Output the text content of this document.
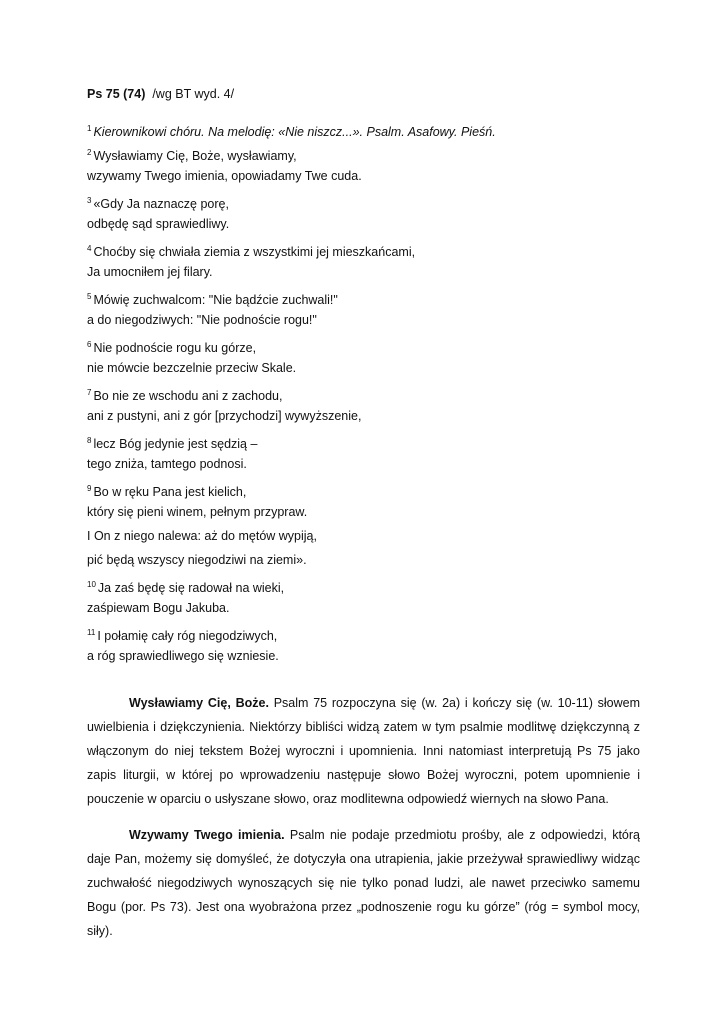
Ps 75 (74) /wg BT wyd. 4/
$^1$ Kierownikowi chóru. Na melodię: «Nie niszcz...». Psalm. Asafowy. Pieśń.
$^2$ Wysławiamy Cię, Boże, wysławiamy,
wzywamy Twego imienia, opowiadamy Twe cuda.
$^3$ «Gdy Ja naznaczę porę,
odbędę sąd sprawiedliwy.
$^4$ Choćby się chwiała ziemia z wszystkimi jej mieszkańcami,
Ja umocniłem jej filary.
$^5$ Mówię zuchwalcom: "Nie bądźcie zuchwali!"
a do niegodziwych: "Nie podnoście rogu!"
$^6$ Nie podnoście rogu ku górze,
nie mówcie bezczelnie przeciw Skale.
$^7$ Bo nie ze wschodu ani z zachodu,
ani z pustyni, ani z gór [przychodzi] wywyższenie,
$^8$ lecz Bóg jedynie jest sędzią –
tego zniża, tamtego podnosi.
$^9$ Bo w ręku Pana jest kielich,
który się pieni winem, pełnym przypraw.
I On z niego nalewa: aż do mętów wypiją,
pić będą wszyscy niegodziwi na ziemi».
$^{10}$ Ja zaś będę się radował na wieki,
zaśpiewam Bogu Jakuba.
$^{11}$ I połamię cały róg niegodziwych,
a róg sprawiedliwego się wzniesie.

Wysławiamy Cię, Boże. Psalm 75 rozpoczyna się (w. 2a) i kończy się (w. 10-11) słowem uwielbienia i dziękczynienia. Niektórzy bibliści widzą zatem w tym psalmie modlitwę dziękczynną z włączonym do niej tekstem Bożej wyroczni i upomnienia. Inni natomiast interpretują Ps 75 jako zapis liturgii, w której po wprowadzeniu następuje słowo Bożej wyroczni, potem upomnienie i pouczenie w oparciu o usłyszane słowo, oraz modlitewna odpowiedź wiernych na słowo Pana.

Wzywamy Twego imienia. Psalm nie podaje przedmiotu prośby, ale z odpowiedzi, którą daje Pan, możemy się domyśleć, że dotyczyła ona utrapienia, jakie przeżywał sprawiedliwy widząc zuchwałość niegodziwych wynoszących się nie tylko ponad ludzi, ale nawet przeciwko samemu Bogu (por. Ps 73). Jest ona wyobrażona przez „podnoszenie rogu ku górze” (róg = symbol mocy, siły).
